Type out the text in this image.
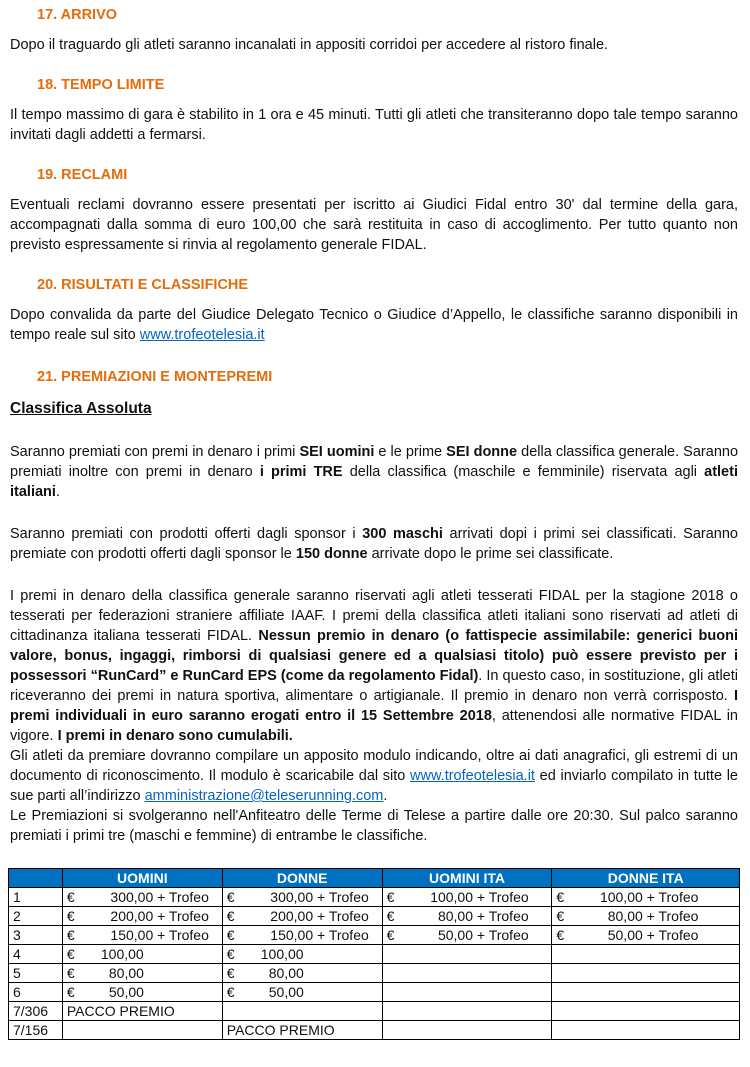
17. ARRIVO
Dopo il traguardo gli atleti saranno incanalati in appositi corridoi per accedere al ristoro finale.
18. TEMPO LIMITE
Il tempo massimo di gara è stabilito in 1 ora e 45 minuti. Tutti gli atleti che transiteranno dopo tale tempo saranno invitati dagli addetti a fermarsi.
19. RECLAMI
Eventuali reclami dovranno essere presentati per iscritto ai Giudici Fidal entro 30' dal termine della gara, accompagnati dalla somma di euro 100,00 che sarà restituita in caso di accoglimento. Per tutto quanto non previsto espressamente si rinvia al regolamento generale FIDAL.
20. RISULTATI E CLASSIFICHE
Dopo convalida da parte del Giudice Delegato Tecnico o Giudice d’Appello, le classifiche saranno disponibili in tempo reale sul sito www.trofeotelesia.it
21. PREMIAZIONI E MONTEPREMI
Classifica Assoluta
Saranno premiati con premi in denaro i primi SEI uomini e le prime SEI donne della classifica generale. Saranno premiati inoltre con premi in denaro i primi TRE della classifica (maschile e femminile) riservata agli atleti italiani.
Saranno premiati con prodotti offerti dagli sponsor i 300 maschi arrivati dopi i primi sei classificati. Saranno premiate con prodotti offerti dagli sponsor le 150 donne arrivate dopo le prime sei classificate.
I premi in denaro della classifica generale saranno riservati agli atleti tesserati FIDAL per la stagione 2018 o tesserati per federazioni straniere affiliate IAAF. I premi della classifica atleti italiani sono riservati ad atleti di cittadinanza italiana tesserati FIDAL. Nessun premio in denaro (o fattispecie assimilabile: generici buoni valore, bonus, ingaggi, rimborsi di qualsiasi genere ed a qualsiasi titolo) può essere previsto per i possessori “RunCard” e RunCard EPS (come da regolamento Fidal). In questo caso, in sostituzione, gli atleti riceveranno dei premi in natura sportiva, alimentare o artigianale. Il premio in denaro non verrà corrisposto. I premi individuali in euro saranno erogati entro il 15 Settembre 2018, attenendosi alle normative FIDAL in vigore. I premi in denaro sono cumulabili.
Gli atleti da premiare dovranno compilare un apposito modulo indicando, oltre ai dati anagrafici, gli estremi di un documento di riconoscimento. Il modulo è scaricabile dal sito www.trofeotelesia.it ed inviarlo compilato in tutte le sue parti all’indirizzo amministrazione@teleserunning.com.
Le Premiazioni si svolgeranno nell'Anfiteatro delle Terme di Telese a partire dalle ore 20:30. Sul palco saranno premiati i primi tre (maschi e femmine) di entrambe le classifiche.
	UOMINI	DONNE	UOMINI ITA	DONNE ITA
1	€ 300,00 + Trofeo	€ 300,00 + Trofeo	€ 100,00 + Trofeo	€ 100,00 + Trofeo
2	€ 200,00 + Trofeo	€ 200,00 + Trofeo	€ 80,00 + Trofeo	€ 80,00 + Trofeo
3	€ 150,00 + Trofeo	€ 150,00 + Trofeo	€ 50,00 + Trofeo	€ 50,00 + Trofeo
4	€ 100,00	€ 100,00		
5	€ 80,00	€ 80,00		
6	€ 50,00	€ 50,00		
7/306	PACCO PREMIO			
7/156		PACCO PREMIO		
